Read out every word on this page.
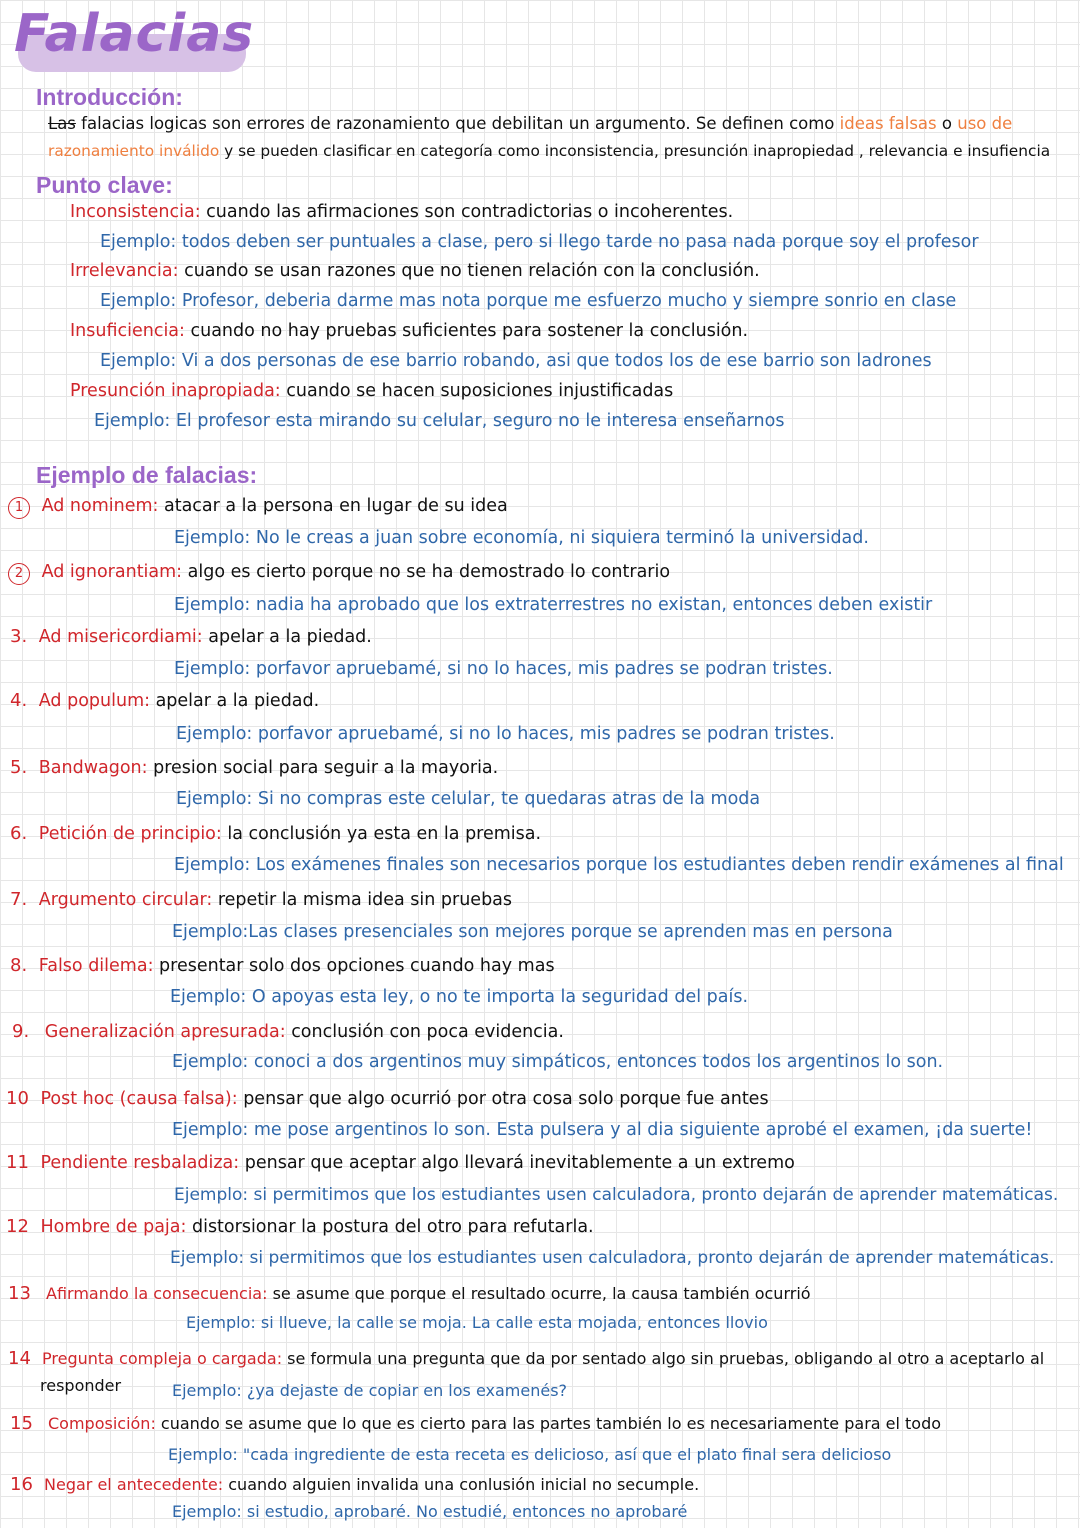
Falacias
Introducción:
Las falacias logicas son errores de razonamiento que debilitan un argumento. Se definen como ideas falsas o uso de
razonamiento inválido y se pueden clasificar en categoría como inconsistencia, presunción inapropiedad , relevancia e insufiencia
Punto clave:
Inconsistencia: cuando las afirmaciones son contradictorias o incoherentes.
Ejemplo: todos deben ser puntuales a clase, pero si llego tarde no pasa nada porque soy el profesor
Irrelevancia: cuando se usan razones que no tienen relación con la conclusión.
Ejemplo: Profesor, deberia darme mas nota porque me esfuerzo mucho y siempre sonrio en clase
Insuficiencia: cuando no hay pruebas suficientes para sostener la conclusión.
Ejemplo: Vi a dos personas de ese barrio robando, asi que todos los de ese barrio son ladrones
Presunción inapropiada: cuando se hacen suposiciones injustificadas
Ejemplo: El profesor esta mirando su celular, seguro no le interesa enseñarnos
Ejemplo de falacias:
1 Ad nominem: atacar a la persona en lugar de su idea
Ejemplo: No le creas a juan sobre economía, ni siquiera terminó la universidad.
2 Ad ignorantiam: algo es cierto porque no se ha demostrado lo contrario
Ejemplo: nadia ha aprobado que los extraterrestres no existan, entonces deben existir
3. Ad misericordiami: apelar a la piedad.
Ejemplo: porfavor apruebamé, si no lo haces, mis padres se podran tristes.
4. Ad populum: apelar a la piedad.
Ejemplo: porfavor apruebamé, si no lo haces, mis padres se podran tristes.
5. Bandwagon: presion social para seguir a la mayoria.
Ejemplo: Si no compras este celular, te quedaras atras de la moda
6. Petición de principio: la conclusión ya esta en la premisa.
Ejemplo: Los exámenes finales son necesarios porque los estudiantes deben rendir exámenes al final
7. Argumento circular: repetir la misma idea sin pruebas
Ejemplo:Las clases presenciales son mejores porque se aprenden mas en persona
8. Falso dilema: presentar solo dos opciones cuando hay mas
Ejemplo: O apoyas esta ley, o no te importa la seguridad del país.
9. Generalización apresurada: conclusión con poca evidencia.
Ejemplo: conoci a dos argentinos muy simpáticos, entonces todos los argentinos lo son.
10 Post hoc (causa falsa): pensar que algo ocurrió por otra cosa solo porque fue antes
Ejemplo: me pose argentinos lo son. Esta pulsera y al dia siguiente aprobé el examen, ¡da suerte!
11 Pendiente resbaladiza: pensar que aceptar algo llevará inevitablemente a un extremo
Ejemplo: si permitimos que los estudiantes usen calculadora, pronto dejarán de aprender matemáticas.
12 Hombre de paja: distorsionar la postura del otro para refutarla.
Ejemplo: si permitimos que los estudiantes usen calculadora, pronto dejarán de aprender matemáticas.
13 Afirmando la consecuencia: se asume que porque el resultado ocurre, la causa también ocurrió
Ejemplo: si llueve, la calle se moja. La calle esta mojada, entonces llovio
14 Pregunta compleja o cargada: se formula una pregunta que da por sentado algo sin pruebas, obligando al otro a aceptarlo al
responder	Ejemplo: ¿ya dejaste de copiar en los examenés?
15 Composición: cuando se asume que lo que es cierto para las partes también lo es necesariamente para el todo
Ejemplo: "cada ingrediente de esta receta es delicioso, así que el plato final sera delicioso
16 Negar el antecedente: cuando alguien invalida una conlusión inicial no secumple.
Ejemplo: si estudio, aprobaré. No estudié, entonces no aprobaré
